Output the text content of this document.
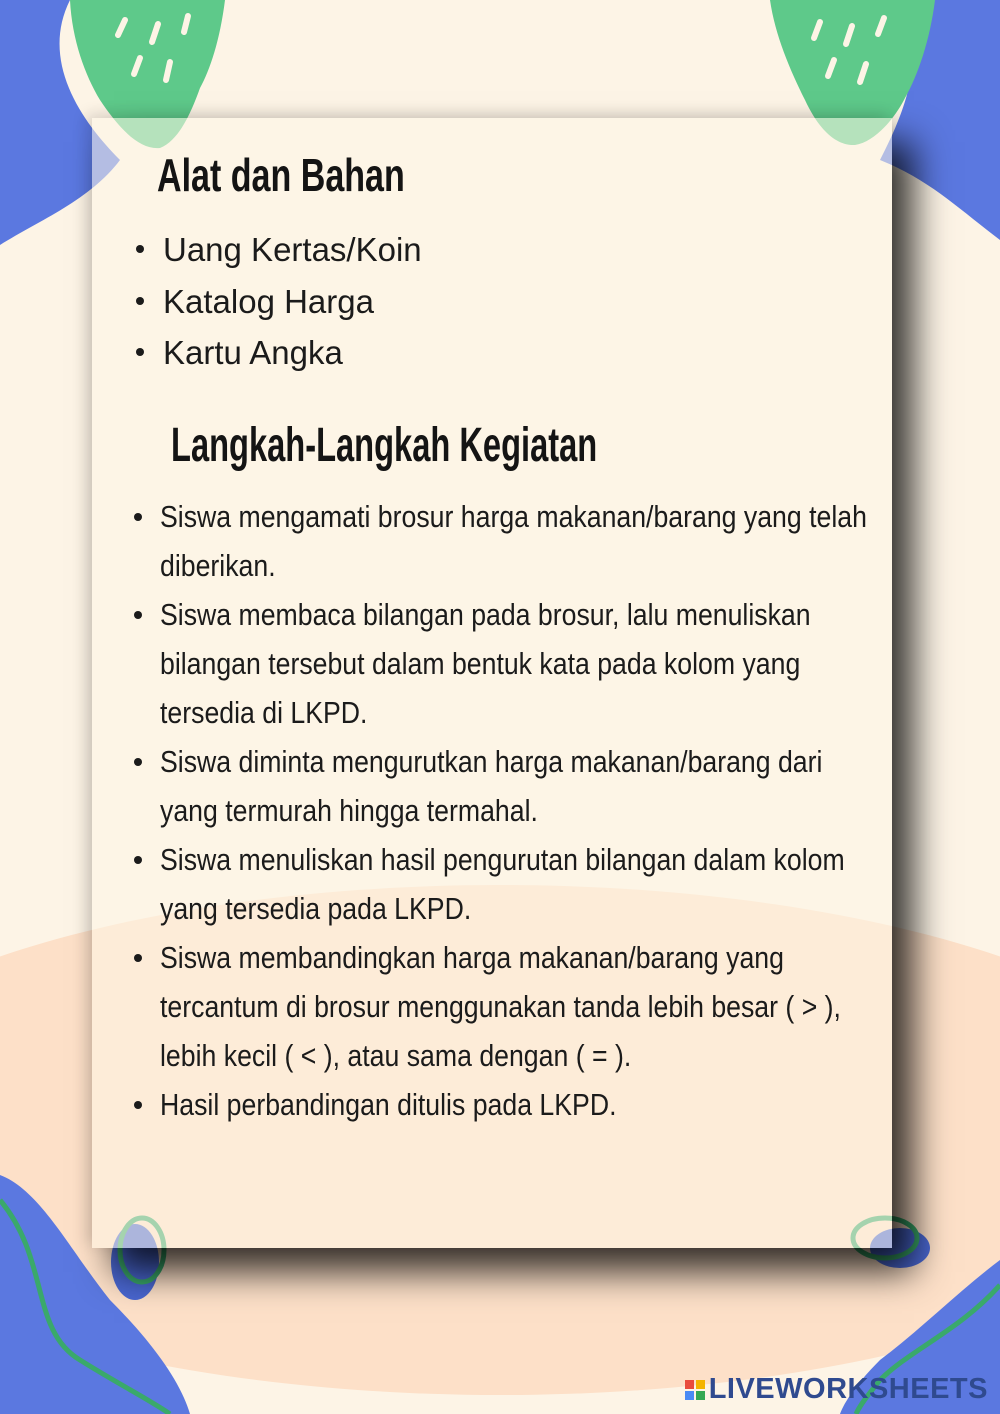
Alat dan Bahan
Uang Kertas/Koin
Katalog Harga
Kartu Angka
Langkah-Langkah Kegiatan
Siswa mengamati brosur harga makanan/barang yang telah diberikan.
Siswa membaca bilangan pada brosur, lalu menuliskan bilangan tersebut dalam bentuk kata pada kolom yang tersedia di LKPD.
Siswa diminta mengurutkan harga makanan/barang dari yang termurah hingga termahal.
Siswa menuliskan hasil pengurutan bilangan dalam kolom yang tersedia pada LKPD.
Siswa membandingkan harga makanan/barang yang tercantum di brosur menggunakan tanda lebih besar ( > ), lebih kecil ( < ), atau sama dengan ( = ).
Hasil perbandingan ditulis pada LKPD.
LIVEWORKSHEETS
